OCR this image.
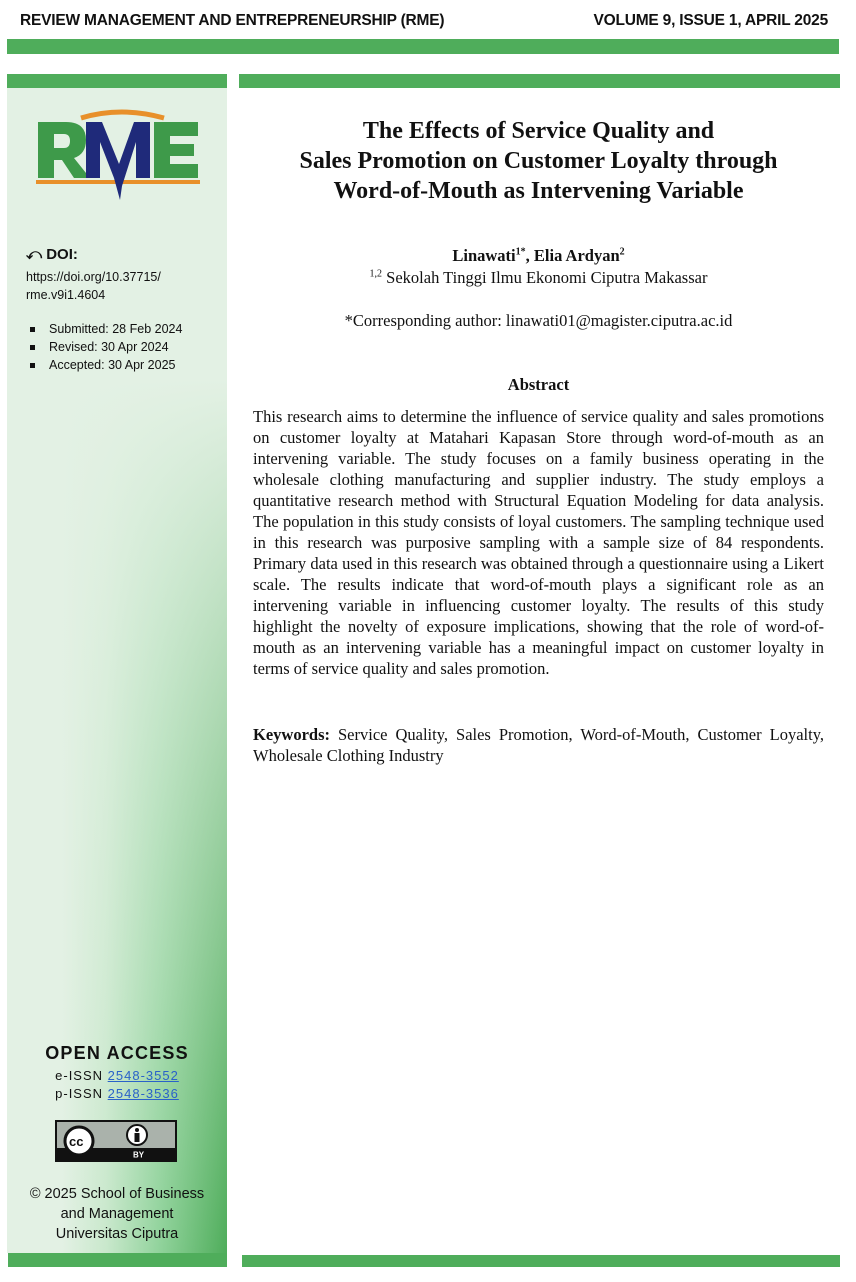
REVIEW MANAGEMENT AND ENTREPRENEURSHIP (RME)	VOLUME 9, ISSUE 1, APRIL 2025
⤺ DOI:
https://doi.org/10.37715/
rme.v9i1.4604
Submitted: 28 Feb 2024
Revised: 30 Apr 2024
Accepted: 30 Apr 2025
OPEN ACCESS
e-ISSN 2548-3552
p-ISSN 2548-3536
BY
cc
© 2025 School of Business
and Management
Universitas Ciputra
The Effects of Service Quality and
Sales Promotion on Customer Loyalty through
Word-of-Mouth as Intervening Variable
Linawati$^{1*}$, Elia Ardyan$^2$
$^{1,2}$ Sekolah Tinggi Ilmu Ekonomi Ciputra Makassar
*Corresponding author: linawati01@magister.ciputra.ac.id
Abstract

This research aims to determine the influence of service quality and sales promotions on customer loyalty at Matahari Kapasan Store through word-of-mouth as an intervening variable. The study focuses on a family business operating in the wholesale clothing manufacturing and supplier industry. The study employs a quantitative research method with Structural Equation Modeling for data analysis. The population in this study consists of loyal customers. The sampling technique used in this research was purposive sampling with a sample size of 84 respondents. Primary data used in this research was obtained through a questionnaire using a Likert scale. The results indicate that word-of-mouth plays a significant role as an intervening variable in influencing customer loyalty. The results of this study highlight the novelty of exposure implications, showing that the role of word-of-mouth as an intervening variable has a meaningful impact on customer loyalty in terms of service quality and sales promotion.

Keywords: Service Quality, Sales Promotion, Word-of-Mouth, Customer Loyalty, Wholesale Clothing Industry
